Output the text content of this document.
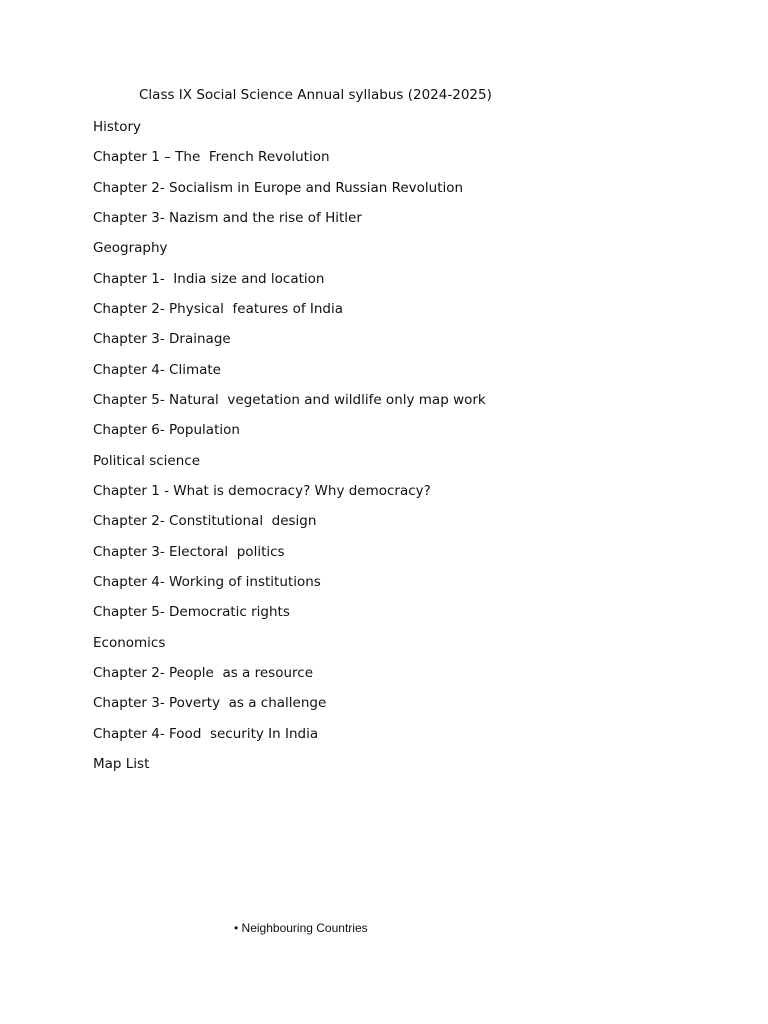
Class IX Social Science Annual syllabus (2024-2025)
History
Chapter 1 – The  French Revolution
Chapter 2- Socialism in Europe and Russian Revolution
Chapter 3- Nazism and the rise of Hitler
Geography
Chapter 1-  India size and location
Chapter 2- Physical  features of India
Chapter 3- Drainage
Chapter 4- Climate
Chapter 5- Natural  vegetation and wildlife only map work
Chapter 6- Population
Political science
Chapter 1 - What is democracy? Why democracy?
Chapter 2- Constitutional  design
Chapter 3- Electoral  politics
Chapter 4- Working of institutions
Chapter 5- Democratic rights
Economics
Chapter 2- People  as a resource
Chapter 3- Poverty  as a challenge
Chapter 4- Food  security In India
Map List
• Neighbouring Countries
